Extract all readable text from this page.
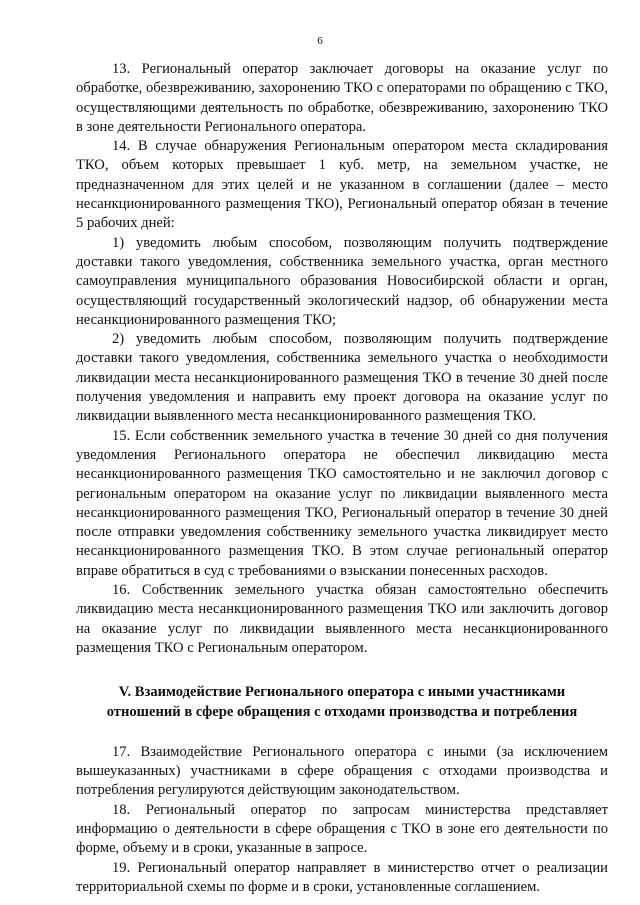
6

13. Региональный оператор заключает договоры на оказание услуг по обработке, обезвреживанию, захоронению ТКО с операторами по обращению с ТКО, осуществляющими деятельность по обработке, обезвреживанию, захоронению ТКО в зоне деятельности Регионального оператора.

14. В случае обнаружения Региональным оператором места складирования ТКО, объем которых превышает 1 куб. метр, на земельном участке, не предназначенном для этих целей и не указанном в соглашении (далее – место несанкционированного размещения ТКО), Региональный оператор обязан в течение 5 рабочих дней:

1) уведомить любым способом, позволяющим получить подтверждение доставки такого уведомления, собственника земельного участка, орган местного самоуправления муниципального образования Новосибирской области и орган, осуществляющий государственный экологический надзор, об обнаружении места несанкционированного размещения ТКО;

2) уведомить любым способом, позволяющим получить подтверждение доставки такого уведомления, собственника земельного участка о необходимости ликвидации места несанкционированного размещения ТКО в течение 30 дней после получения уведомления и направить ему проект договора на оказание услуг по ликвидации выявленного места несанкционированного размещения ТКО.

15. Если собственник земельного участка в течение 30 дней со дня получения уведомления Регионального оператора не обеспечил ликвидацию места несанкционированного размещения ТКО самостоятельно и не заключил договор с региональным оператором на оказание услуг по ликвидации выявленного места несанкционированного размещения ТКО, Региональный оператор в течение 30 дней после отправки уведомления собственнику земельного участка ликвидирует место несанкционированного размещения ТКО. В этом случае региональный оператор вправе обратиться в суд с требованиями о взыскании понесенных расходов.

16. Собственник земельного участка обязан самостоятельно обеспечить ликвидацию места несанкционированного размещения ТКО или заключить договор на оказание услуг по ликвидации выявленного места несанкционированного размещения ТКО с Региональным оператором.

V. Взаимодействие Регионального оператора с иными участниками
отношений в сфере обращения с отходами производства и потребления

17. Взаимодействие Регионального оператора с иными (за исключением вышеуказанных) участниками в сфере обращения с отходами производства и потребления регулируются действующим законодательством.

18. Региональный оператор по запросам министерства представляет информацию о деятельности в сфере обращения с ТКО в зоне его деятельности по форме, объему и в сроки, указанные в запросе.

19. Региональный оператор направляет в министерство отчет о реализации территориальной схемы по форме и в сроки, установленные соглашением.
